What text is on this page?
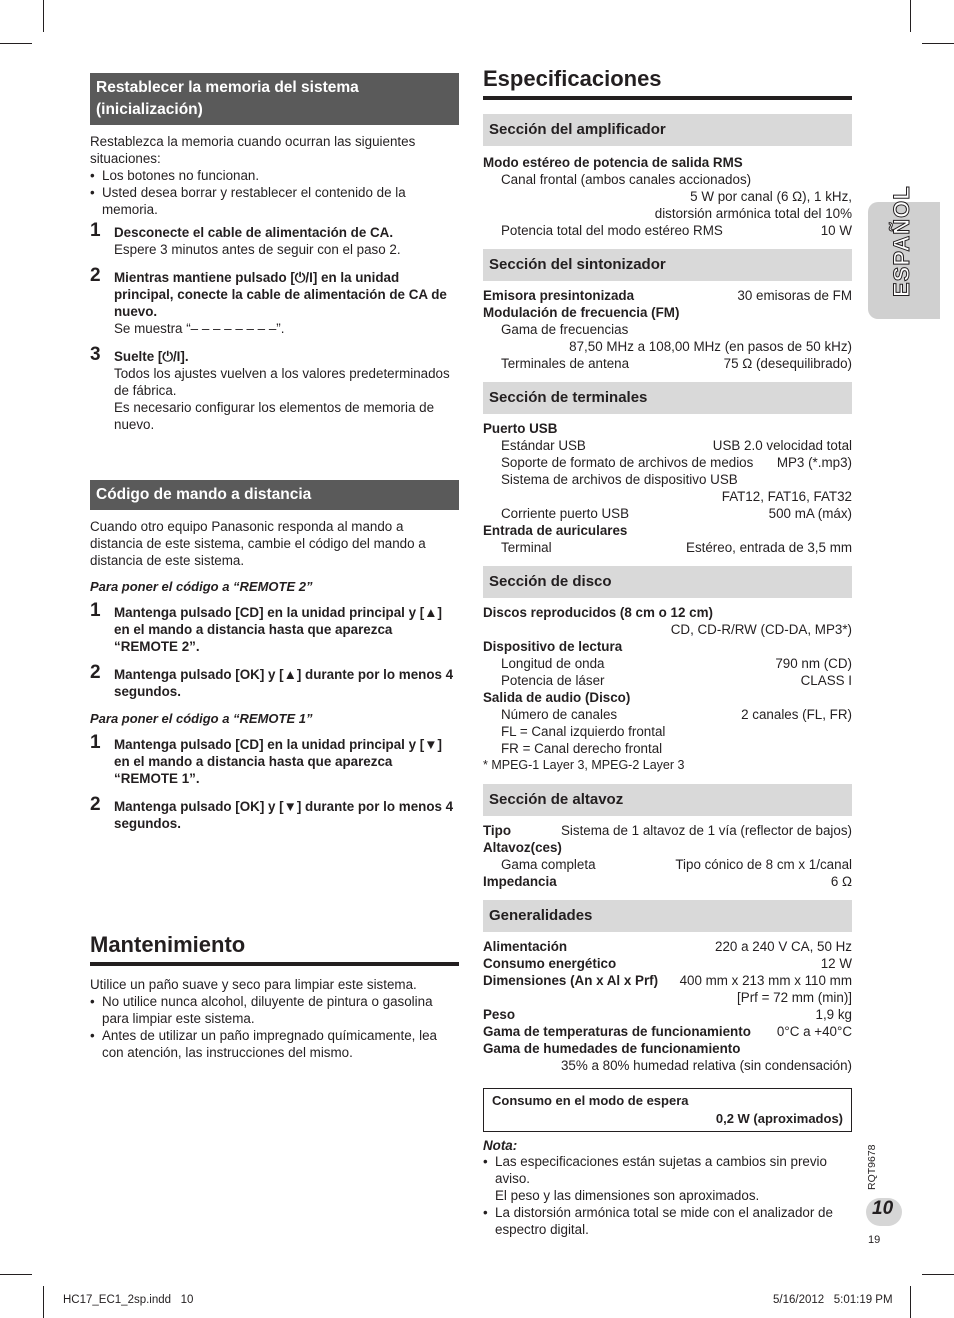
ESPAÑOL
Restablecer la memoria del sistema (inicialización)

Restablezca la memoria cuando ocurran las siguientes situaciones:

• Los botones no funcionan.
• Usted desea borrar y restablecer el contenido de la memoria.
1 Desconecte el cable de alimentación de CA.
Espere 3 minutos antes de seguir con el paso 2.
2 Mientras mantiene pulsado [⏻/I] en la unidad principal, conecte la cable de alimentación de CA de nuevo.
Se muestra “– – – – – – – –”.
3 Suelte [⏻/I].
Todos los ajustes vuelven a los valores predeterminados de fábrica.
Es necesario configurar los elementos de memoria de nuevo.
Código de mando a distancia

Cuando otro equipo Panasonic responda al mando a distancia de este sistema, cambie el código del mando a distancia de este sistema.

Para poner el código a “REMOTE 2”
1 Mantenga pulsado [CD] en la unidad principal y [▲] en el mando a distancia hasta que aparezca “REMOTE 2”.
2 Mantenga pulsado [OK] y [▲] durante por lo menos 4 segundos.
Para poner el código a “REMOTE 1”
1 Mantenga pulsado [CD] en la unidad principal y [▼] en el mando a distancia hasta que aparezca “REMOTE 1”.
2 Mantenga pulsado [OK] y [▼] durante por lo menos 4 segundos.
Mantenimiento

Utilice un paño suave y seco para limpiar este sistema.

• No utilice nunca alcohol, diluyente de pintura o gasolina para limpiar este sistema.
• Antes de utilizar un paño impregnado químicamente, lea con atención, las instrucciones del mismo.
Especificaciones
Sección del amplificador
Modo estéreo de potencia de salida RMS
Canal frontal (ambos canales accionados)
5 W por canal (6 Ω), 1 kHz,
distorsión armónica total del 10%
Potencia total del modo estéreo RMS	10 W
Sección del sintonizador
Emisora presintonizada	30 emisoras de FM
Modulación de frecuencia (FM)
Gama de frecuencias
87,50 MHz a 108,00 MHz (en pasos de 50 kHz)
Terminales de antena	75 Ω (desequilibrado)
Sección de terminales
Puerto USB
Estándar USB	USB 2.0 velocidad total
Soporte de formato de archivos de medios MP3 (*.mp3)
Sistema de archivos de dispositivo USB
FAT12, FAT16, FAT32
Corriente puerto USB	500 mA (máx)
Entrada de auriculares
Terminal	Estéreo, entrada de 3,5 mm
Sección de disco
Discos reproducidos (8 cm o 12 cm)
CD, CD-R/RW (CD-DA, MP3*)
Dispositivo de lectura
Longitud de onda	790 nm (CD)
Potencia de láser	CLASS I
Salida de audio (Disco)
Número de canales	2 canales (FL, FR)
FL = Canal izquierdo frontal
FR = Canal derecho frontal
* MPEG-1 Layer 3, MPEG-2 Layer 3
Sección de altavoz
Tipo	Sistema de 1 altavoz de 1 vía (reflector de bajos)
Altavoz(ces)
Gama completa	Tipo cónico de 8 cm x 1/canal
Impedancia	6 Ω
Generalidades
Alimentación	220 a 240 V CA, 50 Hz
Consumo energético	12 W
Dimensiones (An x Al x Prf) 400 mm x 213 mm x 110 mm
[Prf = 72 mm (min)]
Peso	1,9 kg
Gama de temperaturas de funcionamiento 0°C a +40°C
Gama de humedades de funcionamiento
35% a 80% humedad relativa (sin condensación)
Consumo en el modo de espera
0,2 W (aproximados)
Nota:
• Las especificaciones están sujetas a cambios sin previo aviso.
El peso y las dimensiones son aproximados.
• La distorsión armónica total se mide con el analizador de espectro digital.
RQT9678
10
19
HC17_EC1_2sp.indd   10	5/16/2012   5:01:19 PM
